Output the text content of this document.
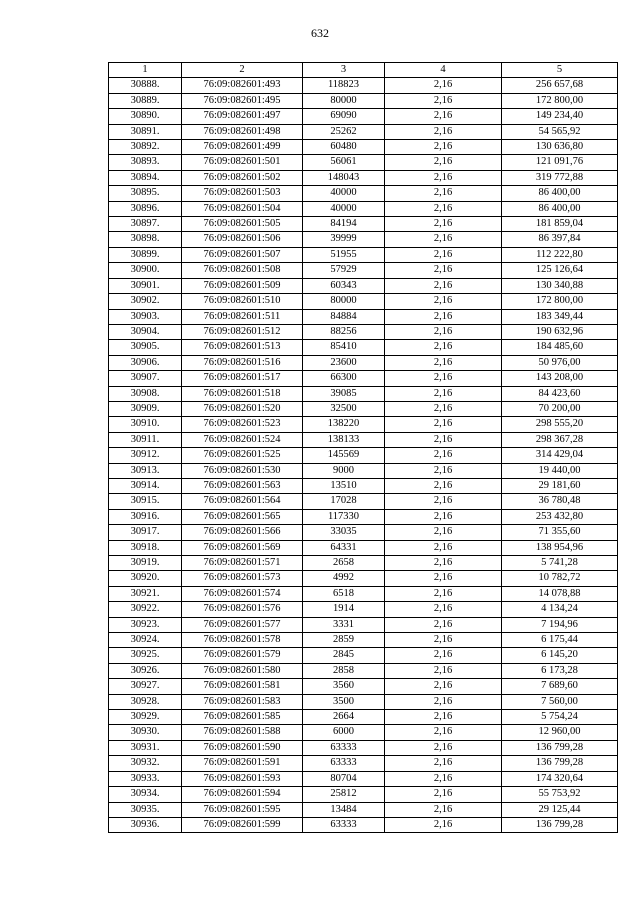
632
1	2	3	4	5
30888.	76:09:082601:493	118823	2,16	256 657,68
30889.	76:09:082601:495	80000	2,16	172 800,00
30890.	76:09:082601:497	69090	2,16	149 234,40
30891.	76:09:082601:498	25262	2,16	54 565,92
30892.	76:09:082601:499	60480	2,16	130 636,80
30893.	76:09:082601:501	56061	2,16	121 091,76
30894.	76:09:082601:502	148043	2,16	319 772,88
30895.	76:09:082601:503	40000	2,16	86 400,00
30896.	76:09:082601:504	40000	2,16	86 400,00
30897.	76:09:082601:505	84194	2,16	181 859,04
30898.	76:09:082601:506	39999	2,16	86 397,84
30899.	76:09:082601:507	51955	2,16	112 222,80
30900.	76:09:082601:508	57929	2,16	125 126,64
30901.	76:09:082601:509	60343	2,16	130 340,88
30902.	76:09:082601:510	80000	2,16	172 800,00
30903.	76:09:082601:511	84884	2,16	183 349,44
30904.	76:09:082601:512	88256	2,16	190 632,96
30905.	76:09:082601:513	85410	2,16	184 485,60
30906.	76:09:082601:516	23600	2,16	50 976,00
30907.	76:09:082601:517	66300	2,16	143 208,00
30908.	76:09:082601:518	39085	2,16	84 423,60
30909.	76:09:082601:520	32500	2,16	70 200,00
30910.	76:09:082601:523	138220	2,16	298 555,20
30911.	76:09:082601:524	138133	2,16	298 367,28
30912.	76:09:082601:525	145569	2,16	314 429,04
30913.	76:09:082601:530	9000	2,16	19 440,00
30914.	76:09:082601:563	13510	2,16	29 181,60
30915.	76:09:082601:564	17028	2,16	36 780,48
30916.	76:09:082601:565	117330	2,16	253 432,80
30917.	76:09:082601:566	33035	2,16	71 355,60
30918.	76:09:082601:569	64331	2,16	138 954,96
30919.	76:09:082601:571	2658	2,16	5 741,28
30920.	76:09:082601:573	4992	2,16	10 782,72
30921.	76:09:082601:574	6518	2,16	14 078,88
30922.	76:09:082601:576	1914	2,16	4 134,24
30923.	76:09:082601:577	3331	2,16	7 194,96
30924.	76:09:082601:578	2859	2,16	6 175,44
30925.	76:09:082601:579	2845	2,16	6 145,20
30926.	76:09:082601:580	2858	2,16	6 173,28
30927.	76:09:082601:581	3560	2,16	7 689,60
30928.	76:09:082601:583	3500	2,16	7 560,00
30929.	76:09:082601:585	2664	2,16	5 754,24
30930.	76:09:082601:588	6000	2,16	12 960,00
30931.	76:09:082601:590	63333	2,16	136 799,28
30932.	76:09:082601:591	63333	2,16	136 799,28
30933.	76:09:082601:593	80704	2,16	174 320,64
30934.	76:09:082601:594	25812	2,16	55 753,92
30935.	76:09:082601:595	13484	2,16	29 125,44
30936.	76:09:082601:599	63333	2,16	136 799,28
